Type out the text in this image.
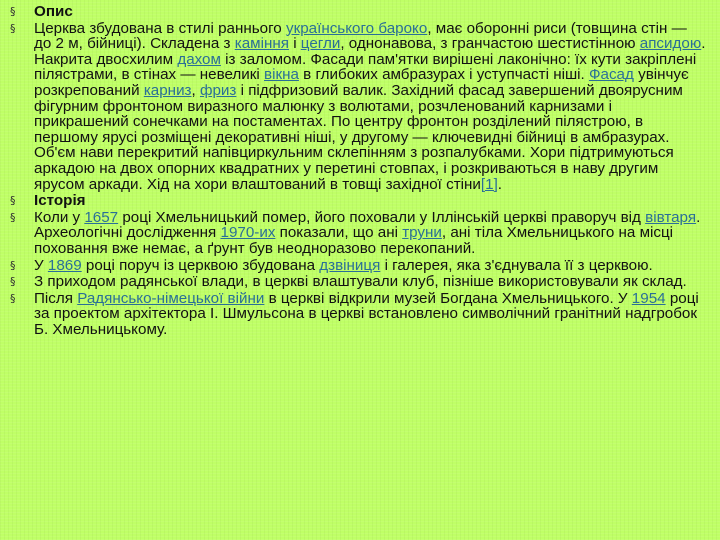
§ Опис
§ Церква збудована в стилі раннього українського бароко, має оборонні риси (товщина стін — до 2 м, бійниці). Складена з каміння і цегли, однонавова, з гранчастою шестистінною апсидою. Накрита двосхилим дахом із заломом. Фасади пам'ятки вирішені лаконічно: їх кути закріплені пілястрами, в стінах — невеликі вікна в глибоких амбразурах і уступчасті ніші. Фасад увінчує розкрепований карниз, фриз і підфризовий валик. Західний фасад завершений двоярусним фігурним фронтоном виразного малюнку з волютами, розчленований карнизами і прикрашений сонечками на постаментах. По центру фронтон розділений пілястрою, в першому ярусі розміщені декоративні ніші, у другому — ключевидні бійниці в амбразурах. Об'єм нави перекритий напівциркульним склепінням з розпалубками. Хори підтримуються аркадою на двох опорних квадратних у перетині стовпах, і розкриваються в наву другим ярусом аркади. Хід на хори влаштований в товщі західної стіни[1].
§ Історія
§ Коли у 1657 році Хмельницький помер, його поховали у Іллінській церкві праворуч від вівтаря. Археологічні дослідження 1970-их показали, що ані труни, ані тіла Хмельницького на місці поховання вже немає, а ґрунт був неодноразово перекопаний.
§ У 1869 році поруч із церквою збудована дзвіниця і галерея, яка з'єднувала її з церквою.
§ З приходом радянської влади, в церкві влаштували клуб, пізніше використовували як склад.
§ Після Радянсько-німецької війни в церкві відкрили музей Богдана Хмельницького. У 1954 році за проектом архітектора І. Шмульсона в церкві встановлено символічний гранітний надгробок Б. Хмельницькому.
